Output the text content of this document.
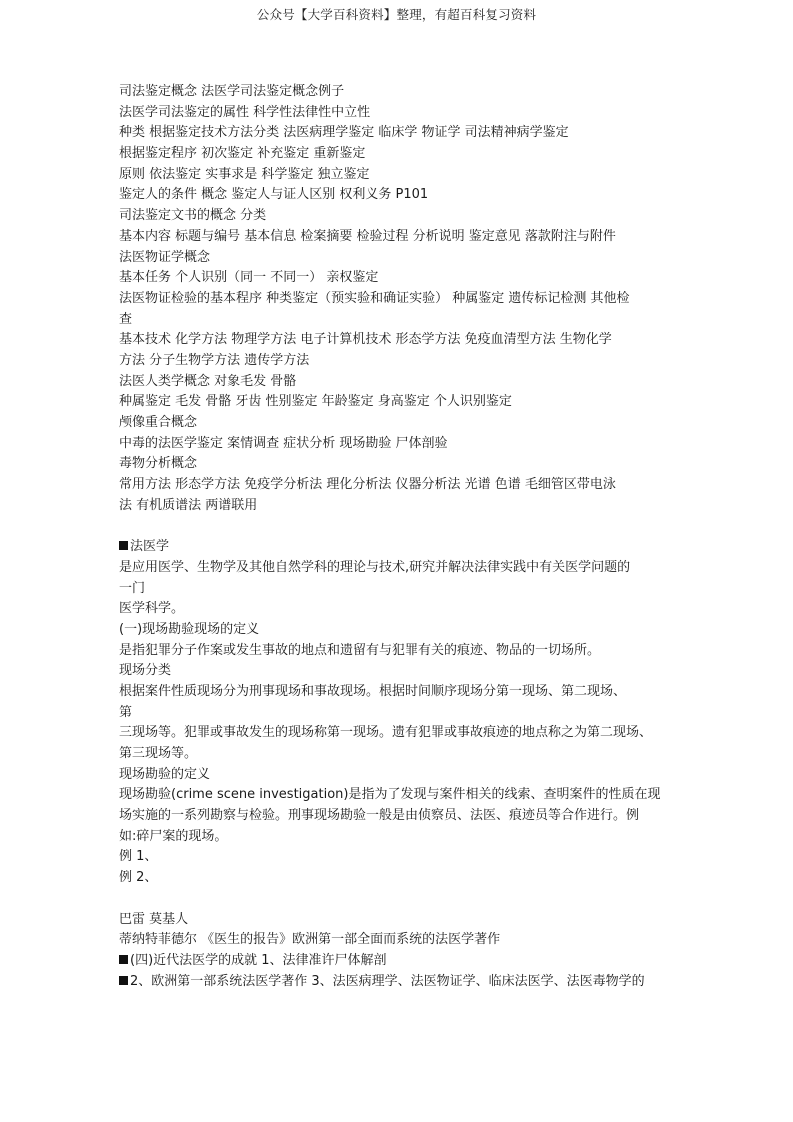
公众号【大学百科资料】整理，有超百科复习资料
司法鉴定概念 法医学司法鉴定概念例子
法医学司法鉴定的属性 科学性法律性中立性
种类 根据鉴定技术方法分类 法医病理学鉴定 临床学 物证学 司法精神病学鉴定
根据鉴定程序 初次鉴定 补充鉴定 重新鉴定
原则 依法鉴定 实事求是 科学鉴定 独立鉴定
鉴定人的条件 概念 鉴定人与证人区别 权利义务 P101
司法鉴定文书的概念 分类
基本内容 标题与编号 基本信息 检案摘要 检验过程 分析说明 鉴定意见 落款附注与附件
法医物证学概念
基本任务 个人识别（同一 不同一） 亲权鉴定
法医物证检验的基本程序 种类鉴定（预实验和确证实验） 种属鉴定 遗传标记检测 其他检
查
基本技术 化学方法 物理学方法 电子计算机技术 形态学方法 免疫血清型方法 生物化学
方法 分子生物学方法 遗传学方法
法医人类学概念 对象毛发 骨骼
种属鉴定 毛发 骨骼 牙齿 性别鉴定 年龄鉴定 身高鉴定 个人识别鉴定
颅像重合概念
中毒的法医学鉴定 案情调查 症状分析 现场勘验 尸体剖验
毒物分析概念
常用方法 形态学方法 免疫学分析法 理化分析法 仪器分析法 光谱 色谱 毛细管区带电泳
法 有机质谱法 两谱联用
法医学
是应用医学、生物学及其他自然学科的理论与技术,研究并解决法律实践中有关医学问题的
一门
医学科学。
(一)现场勘验现场的定义
是指犯罪分子作案或发生事故的地点和遗留有与犯罪有关的痕迹、物品的一切场所。
现场分类
根据案件性质现场分为刑事现场和事故现场。根据时间顺序现场分第一现场、第二现场、
第
三现场等。犯罪或事故发生的现场称第一现场。遗有犯罪或事故痕迹的地点称之为第二现场、
第三现场等。
现场勘验的定义
现场勘验(crime scene investigation)是指为了发现与案件相关的线索、查明案件的性质在现
场实施的一系列勘察与检验。刑事现场勘验一般是由侦察员、法医、痕迹员等合作进行。例
如:碎尸案的现场。
例 1、
例 2、
巴雷 莫基人
蒂纳特菲德尔 《医生的报告》欧洲第一部全面而系统的法医学著作
(四)近代法医学的成就 1、法律准许尸体解剖
2、欧洲第一部系统法医学著作 3、法医病理学、法医物证学、临床法医学、法医毒物学的
